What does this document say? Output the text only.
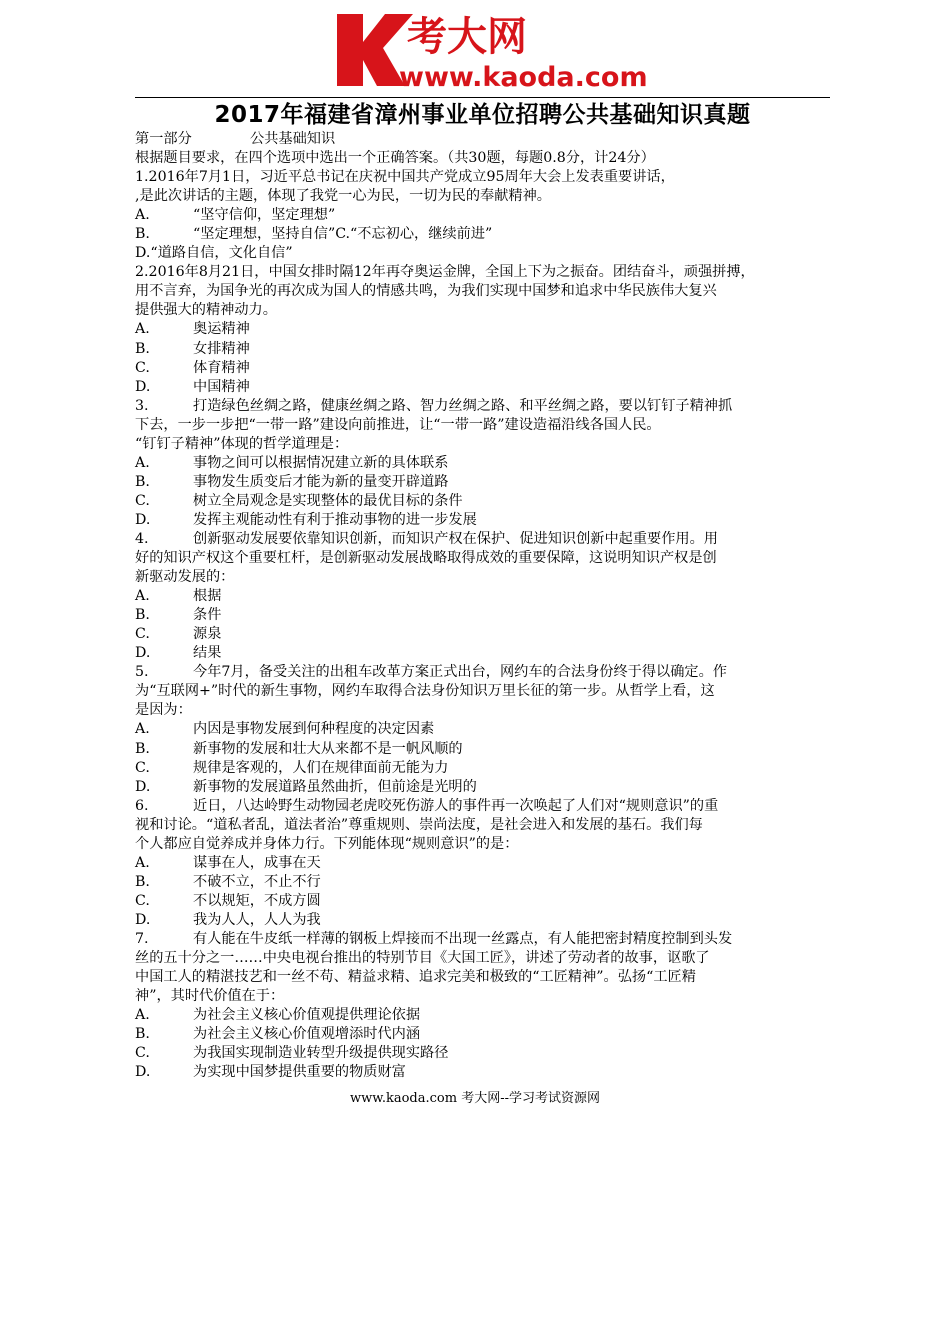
考大网
www.kaoda.com
2017年福建省漳州事业单位招聘公共基础知识真题
第一部分	公共基础知识
根据题目要求，在四个选项中选出一个正确答案。（共30题，每题0.8分，计24分）
1.2016年7月1日，习近平总书记在庆祝中国共产党成立95周年大会上发表重要讲话，
,是此次讲话的主题，体现了我党一心为民，一切为民的奉献精神。
A.	“坚守信仰，坚定理想”
B.	“坚定理想，坚持自信”C.“不忘初心，继续前进”
D.“道路自信，文化自信”
2.2016年8月21日，中国女排时隔12年再夺奥运金牌，全国上下为之振奋。团结奋斗，顽强拼搏，
用不言弃，为国争光的再次成为国人的情感共鸣，为我们实现中国梦和追求中华民族伟大复兴
提供强大的精神动力。
A.	奥运精神
B.	女排精神
C.	体育精神
D.	中国精神
3.	打造绿色丝绸之路，健康丝绸之路、智力丝绸之路、和平丝绸之路，要以钉钉子精神抓
下去，一步一步把“一带一路”建设向前推进，让“一带一路”建设造福沿线各国人民。
“钉钉子精神”体现的哲学道理是：
A.	事物之间可以根据情况建立新的具体联系
B.	事物发生质变后才能为新的量变开辟道路
C.	树立全局观念是实现整体的最优目标的条件
D.	发挥主观能动性有利于推动事物的进一步发展
4.	创新驱动发展要依靠知识创新，而知识产权在保护、促进知识创新中起重要作用。用
好的知识产权这个重要杠杆，是创新驱动发展战略取得成效的重要保障，这说明知识产权是创
新驱动发展的：
A.	根据
B.	条件
C.	源泉
D.	结果
5.	今年7月，备受关注的出租车改革方案正式出台，网约车的合法身份终于得以确定。作
为“互联网+”时代的新生事物，网约车取得合法身份知识万里长征的第一步。从哲学上看，这
是因为：
A.	内因是事物发展到何种程度的决定因素
B.	新事物的发展和壮大从来都不是一帆风顺的
C.	规律是客观的，人们在规律面前无能为力
D.	新事物的发展道路虽然曲折，但前途是光明的
6.	近日，八达岭野生动物园老虎咬死伤游人的事件再一次唤起了人们对“规则意识”的重
视和讨论。“道私者乱，道法者治”尊重规则、崇尚法度，是社会进入和发展的基石。我们每
个人都应自觉养成并身体力行。下列能体现“规则意识”的是：
A.	谋事在人，成事在天
B.	不破不立，不止不行
C.	不以规矩，不成方圆
D.	我为人人，人人为我
7.	有人能在牛皮纸一样薄的钢板上焊接而不出现一丝露点，有人能把密封精度控制到头发
丝的五十分之一……中央电视台推出的特别节目《大国工匠》，讲述了劳动者的故事，讴歌了
中国工人的精湛技艺和一丝不苟、精益求精、追求完美和极致的“工匠精神”。弘扬“工匠精
神”，其时代价值在于：
A.	为社会主义核心价值观提供理论依据
B.	为社会主义核心价值观增添时代内涵
C.	为我国实现制造业转型升级提供现实路径
D.	为实现中国梦提供重要的物质财富
www.kaoda.com 考大网--学习考试资源网
